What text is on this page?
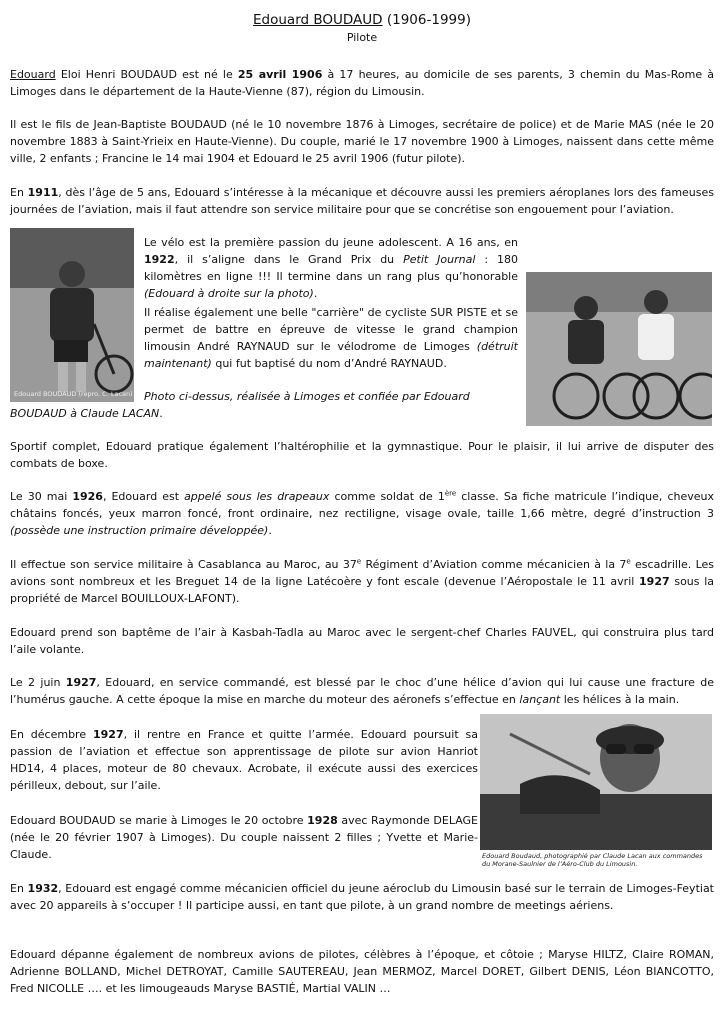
Edouard BOUDAUD (1906-1999)
Pilote

Edouard Eloi Henri BOUDAUD est né le 25 avril 1906 à 17 heures, au domicile de ses parents, 3 chemin du Mas-Rome à Limoges dans le département de la Haute-Vienne (87), région du Limousin.

Il est le fils de Jean-Baptiste BOUDAUD (né le 10 novembre 1876 à Limoges, secrétaire de police) et de Marie MAS (née le 20 novembre 1883 à Saint-Yrieix en Haute-Vienne). Du couple, marié le 17 novembre 1900 à Limoges, naissent dans cette même ville, 2 enfants ; Francine le 14 mai 1904 et Edouard le 25 avril 1906 (futur pilote).

En 1911, dès l’âge de 5 ans, Edouard s’intéresse à la mécanique et découvre aussi les premiers aéroplanes lors des fameuses journées de l’aviation, mais il faut attendre son service militaire pour que se concrétise son engouement pour l’aviation.

Edouard BOUDAUD (repro. C. Lacan)

Le vélo est la première passion du jeune adolescent. A 16 ans, en 1922, il s’aligne dans le Grand Prix du Petit Journal : 180 kilomètres en ligne !!! Il termine dans un rang plus qu’honorable (Edouard à droite sur la photo).

Il réalise également une belle "carrière" de cycliste SUR PISTE et se permet de battre en épreuve de vitesse le grand champion limousin André RAYNAUD sur le vélodrome de Limoges (détruit maintenant) qui fut baptisé du nom d’André RAYNAUD.

Photo ci-dessus, réalisée à Limoges et confiée par Edouard

BOUDAUD à Claude LACAN.

Sportif complet, Edouard pratique également l’haltérophilie et la gymnastique. Pour le plaisir, il lui arrive de disputer des combats de boxe.

Le 30 mai 1926, Edouard est appelé sous les drapeaux comme soldat de 1ère classe. Sa fiche matricule l’indique, cheveux châtains foncés, yeux marron foncé, front ordinaire, nez rectiligne, visage ovale, taille 1,66 mètre, degré d’instruction 3 (possède une instruction primaire développée).

Il effectue son service militaire à Casablanca au Maroc, au 37e Régiment d’Aviation comme mécanicien à la 7e escadrille. Les avions sont nombreux et les Breguet 14 de la ligne Latécoère y font escale (devenue l’Aéropostale le 11 avril 1927 sous la propriété de Marcel BOUILLOUX-LAFONT).

Edouard prend son baptême de l’air à Kasbah-Tadla au Maroc avec le sergent-chef Charles FAUVEL, qui construira plus tard l’aile volante.

Le 2 juin 1927, Edouard, en service commandé, est blessé par le choc d’une hélice d’avion qui lui cause une fracture de l’humérus gauche. A cette époque la mise en marche du moteur des aéronefs s’effectue en lançant les hélices à la main.

Edouard Boudaud, photographié par Claude Lacan aux commandes du Morane-Saulnier de l’Aéro-Club du Limousin.

En décembre 1927, il rentre en France et quitte l’armée. Edouard poursuit sa passion de l’aviation et effectue son apprentissage de pilote sur avion Hanriot HD14, 4 places, moteur de 80 chevaux. Acrobate, il exécute aussi des exercices périlleux, debout, sur l’aile.

Edouard BOUDAUD se marie à Limoges le 20 octobre 1928 avec Raymonde DELAGE (née le 20 février 1907 à Limoges). Du couple naissent 2 filles ; Yvette et Marie-Claude.

En 1932, Edouard est engagé comme mécanicien officiel du jeune aéroclub du Limousin basé sur le terrain de Limoges-Feytiat avec 20 appareils à s’occuper ! Il participe aussi, en tant que pilote, à un grand nombre de meetings aériens.

Edouard dépanne également de nombreux avions de pilotes, célèbres à l’époque, et côtoie ; Maryse HILTZ, Claire ROMAN, Adrienne BOLLAND, Michel DETROYAT, Camille SAUTEREAU, Jean MERMOZ, Marcel DORET, Gilbert DENIS, Léon BIANCOTTO, Fred NICOLLE …. et les limougeauds Maryse BASTIÉ, Martial VALIN …
